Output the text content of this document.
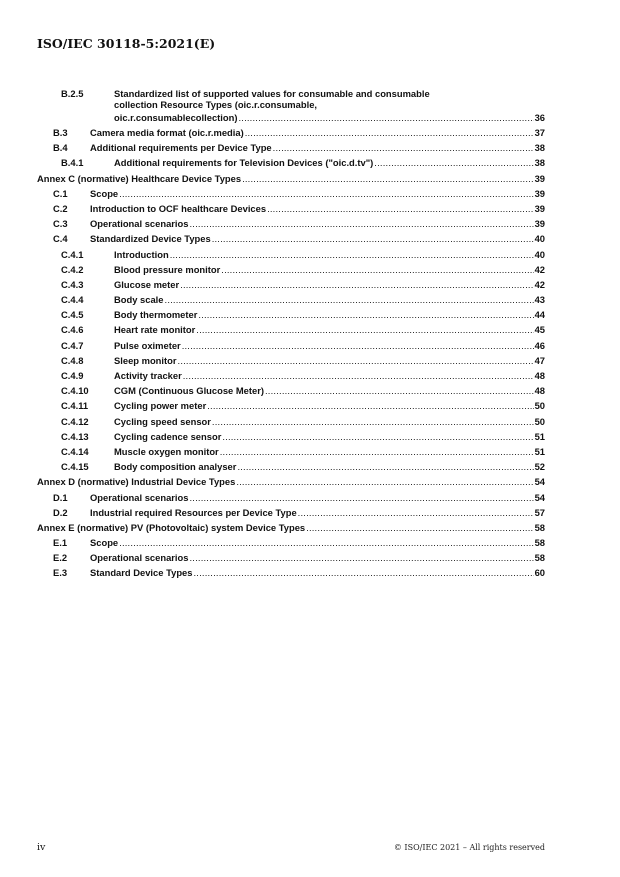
ISO/IEC 30118-5:2021(E)
B.2.5	Standardized list of supported values for consumable and consumable
collection Resource Types (oic.r.consumable,
oic.r.consumablecollection) .....	36
B.3	Camera media format (oic.r.media) .....	37
B.4	Additional requirements per Device Type .....	38
B.4.1	Additional requirements for Television Devices ("oic.d.tv") .....	38
Annex C (normative) Healthcare Device Types .....	39
C.1	Scope .....	39
C.2	Introduction to OCF healthcare Devices .....	39
C.3	Operational scenarios .....	39
C.4	Standardized Device Types .....	40
C.4.1	Introduction .....	40
C.4.2	Blood pressure monitor .....	42
C.4.3	Glucose meter .....	42
C.4.4	Body scale .....	43
C.4.5	Body thermometer .....	44
C.4.6	Heart rate monitor .....	45
C.4.7	Pulse oximeter .....	46
C.4.8	Sleep monitor .....	47
C.4.9	Activity tracker .....	48
C.4.10	CGM (Continuous Glucose Meter) .....	48
C.4.11	Cycling power meter .....	50
C.4.12	Cycling speed sensor .....	50
C.4.13	Cycling cadence sensor .....	51
C.4.14	Muscle oxygen monitor .....	51
C.4.15	Body composition analyser .....	52
Annex D (normative) Industrial Device Types .....	54
D.1	Operational scenarios .....	54
D.2	Industrial required Resources per Device Type .....	57
Annex E (normative) PV (Photovoltaic) system Device Types .....	58
E.1	Scope .....	58
E.2	Operational scenarios .....	58
E.3	Standard Device Types .....	60
iv	© ISO/IEC 2021 – All rights reserved
